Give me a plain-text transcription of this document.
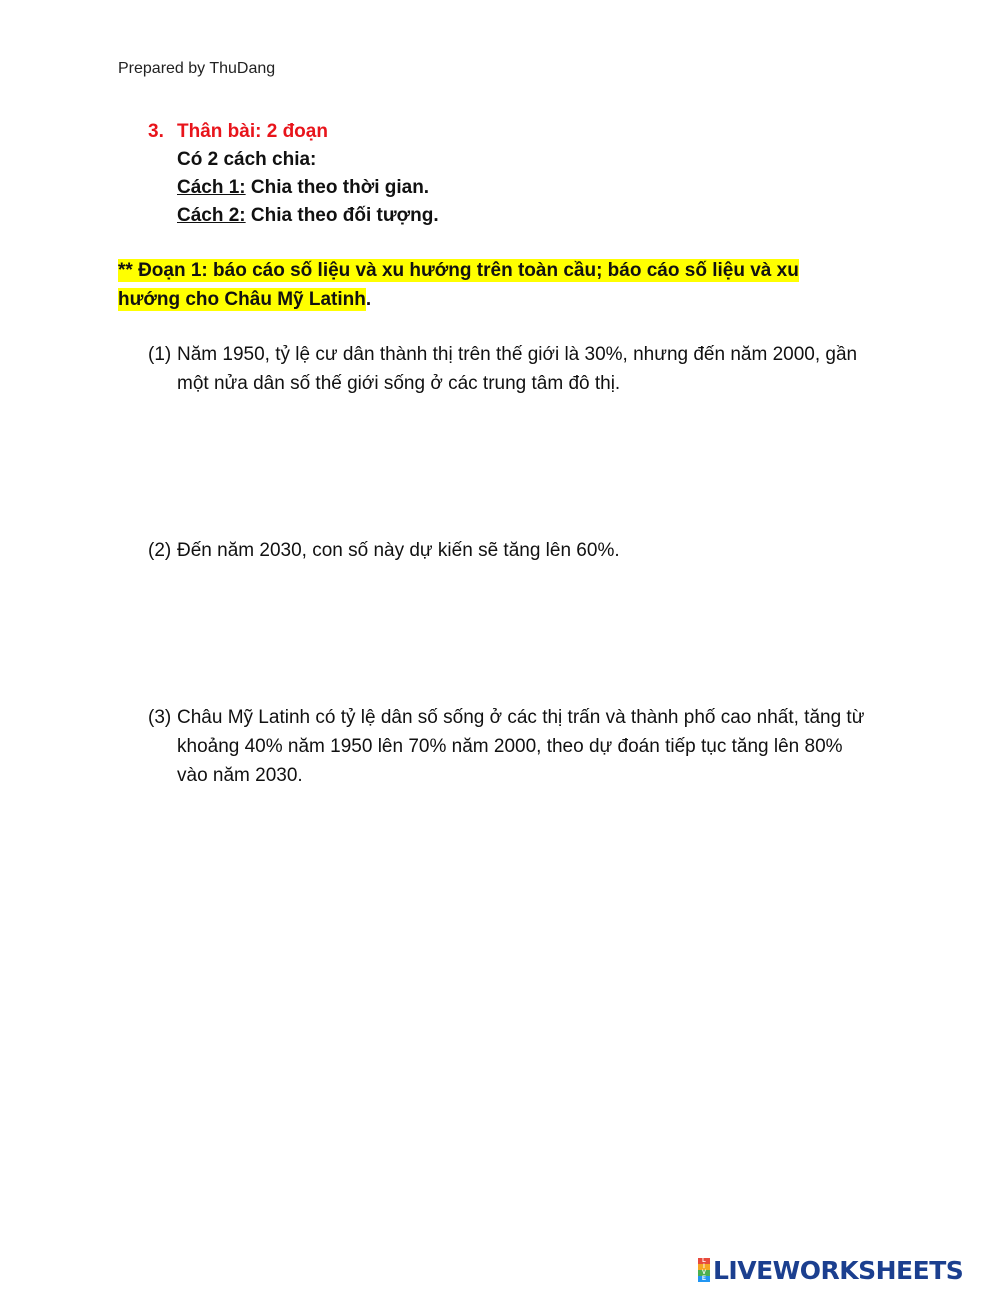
Prepared by ThuDang
3. Thân bài: 2 đoạn
Có 2 cách chia:
Cách 1: Chia theo thời gian.
Cách 2: Chia theo đối tượng.
** Đoạn 1: báo cáo số liệu và xu hướng trên toàn cầu; báo cáo số liệu và xu hướng cho Châu Mỹ Latinh.
(1) Năm 1950, tỷ lệ cư dân thành thị trên thế giới là 30%, nhưng đến năm 2000, gần một nửa dân số thế giới sống ở các trung tâm đô thị.
(2) Đến năm 2030, con số này dự kiến sẽ tăng lên 60%.
(3) Châu Mỹ Latinh có tỷ lệ dân số sống ở các thị trấn và thành phố cao nhất, tăng từ khoảng 40% năm 1950 lên 70% năm 2000, theo dự đoán tiếp tục tăng lên 80% vào năm 2030.
L
I
V
E LIVEWORKSHEETS
